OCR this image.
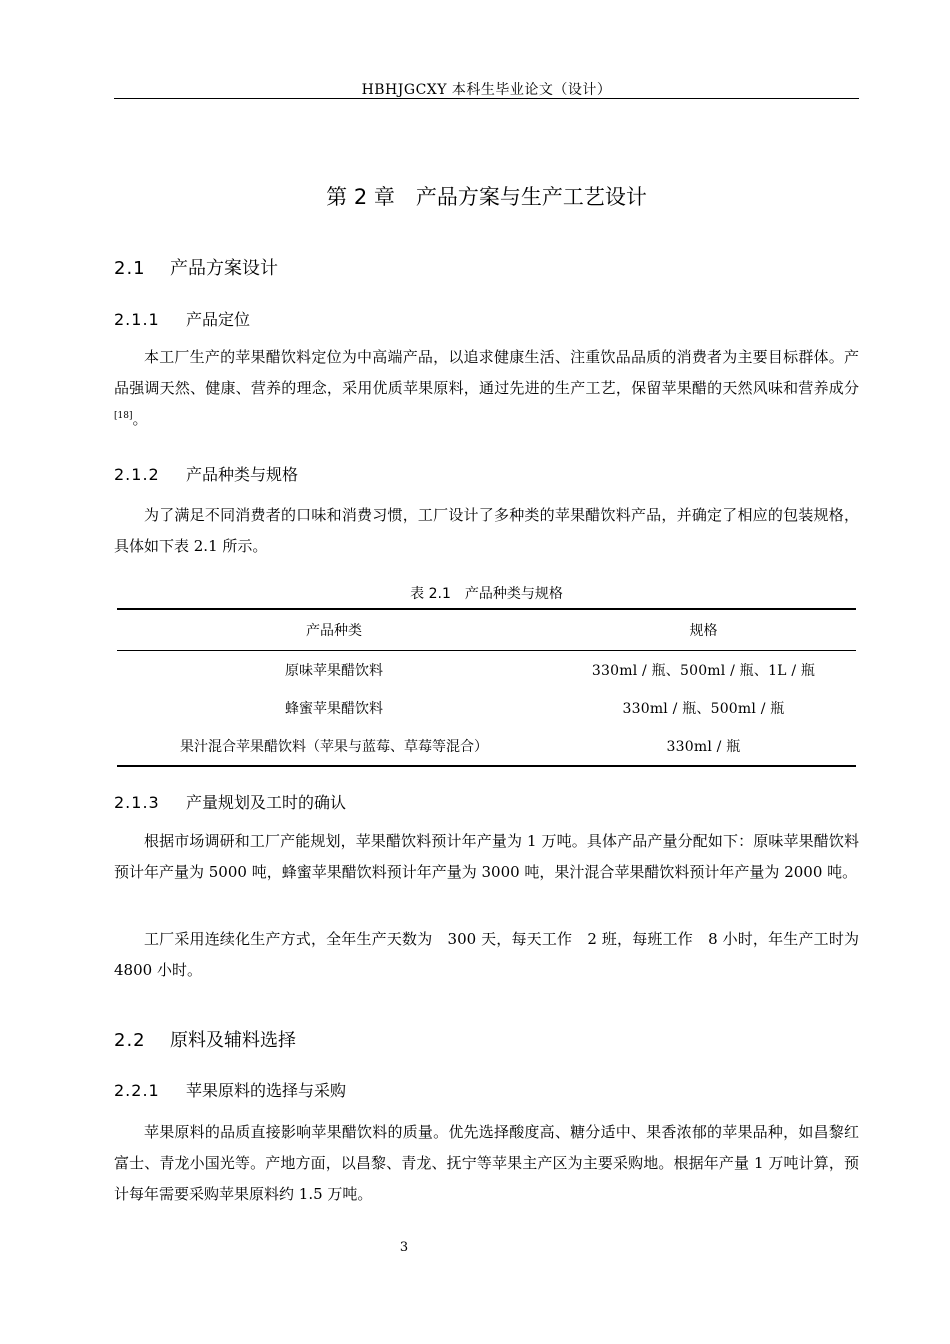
HBHJGCXY 本科生毕业论文（设计）
第 2 章　产品方案与生产工艺设计
2.1 产品方案设计
2.1.1 产品定位

本工厂生产的苹果醋饮料定位为中高端产品，以追求健康生活、注重饮品品质的消费者为主要目标群体。产品强调天然、健康、营养的理念，采用优质苹果原料，通过先进的生产工艺，保留苹果醋的天然风味和营养成分[18]。

2.1.2 产品种类与规格

为了满足不同消费者的口味和消费习惯，工厂设计了多种类的苹果醋饮料产品，并确定了相应的包装规格，具体如下表 2.1 所示。

表 2.1　产品种类与规格
产品种类	规格
原味苹果醋饮料	330ml / 瓶、500ml / 瓶、1L / 瓶
蜂蜜苹果醋饮料	330ml / 瓶、500ml / 瓶
果汁混合苹果醋饮料（苹果与蓝莓、草莓等混合）	330ml / 瓶
2.1.3 产量规划及工时的确认

根据市场调研和工厂产能规划，苹果醋饮料预计年产量为 1 万吨。具体产品产量分配如下：原味苹果醋饮料预计年产量为 5000 吨，蜂蜜苹果醋饮料预计年产量为 3000 吨，果汁混合苹果醋饮料预计年产量为 2000 吨。

工厂采用连续化生产方式，全年生产天数为　300 天，每天工作　2 班，每班工作　8 小时，年生产工时为　4800 小时。

2.2 原料及辅料选择
2.2.1 苹果原料的选择与采购

苹果原料的品质直接影响苹果醋饮料的质量。优先选择酸度高、糖分适中、果香浓郁的苹果品种，如昌黎红富士、青龙小国光等。产地方面，以昌黎、青龙、抚宁等苹果主产区为主要采购地。根据年产量 1 万吨计算，预计每年需要采购苹果原料约 1.5 万吨。

3
